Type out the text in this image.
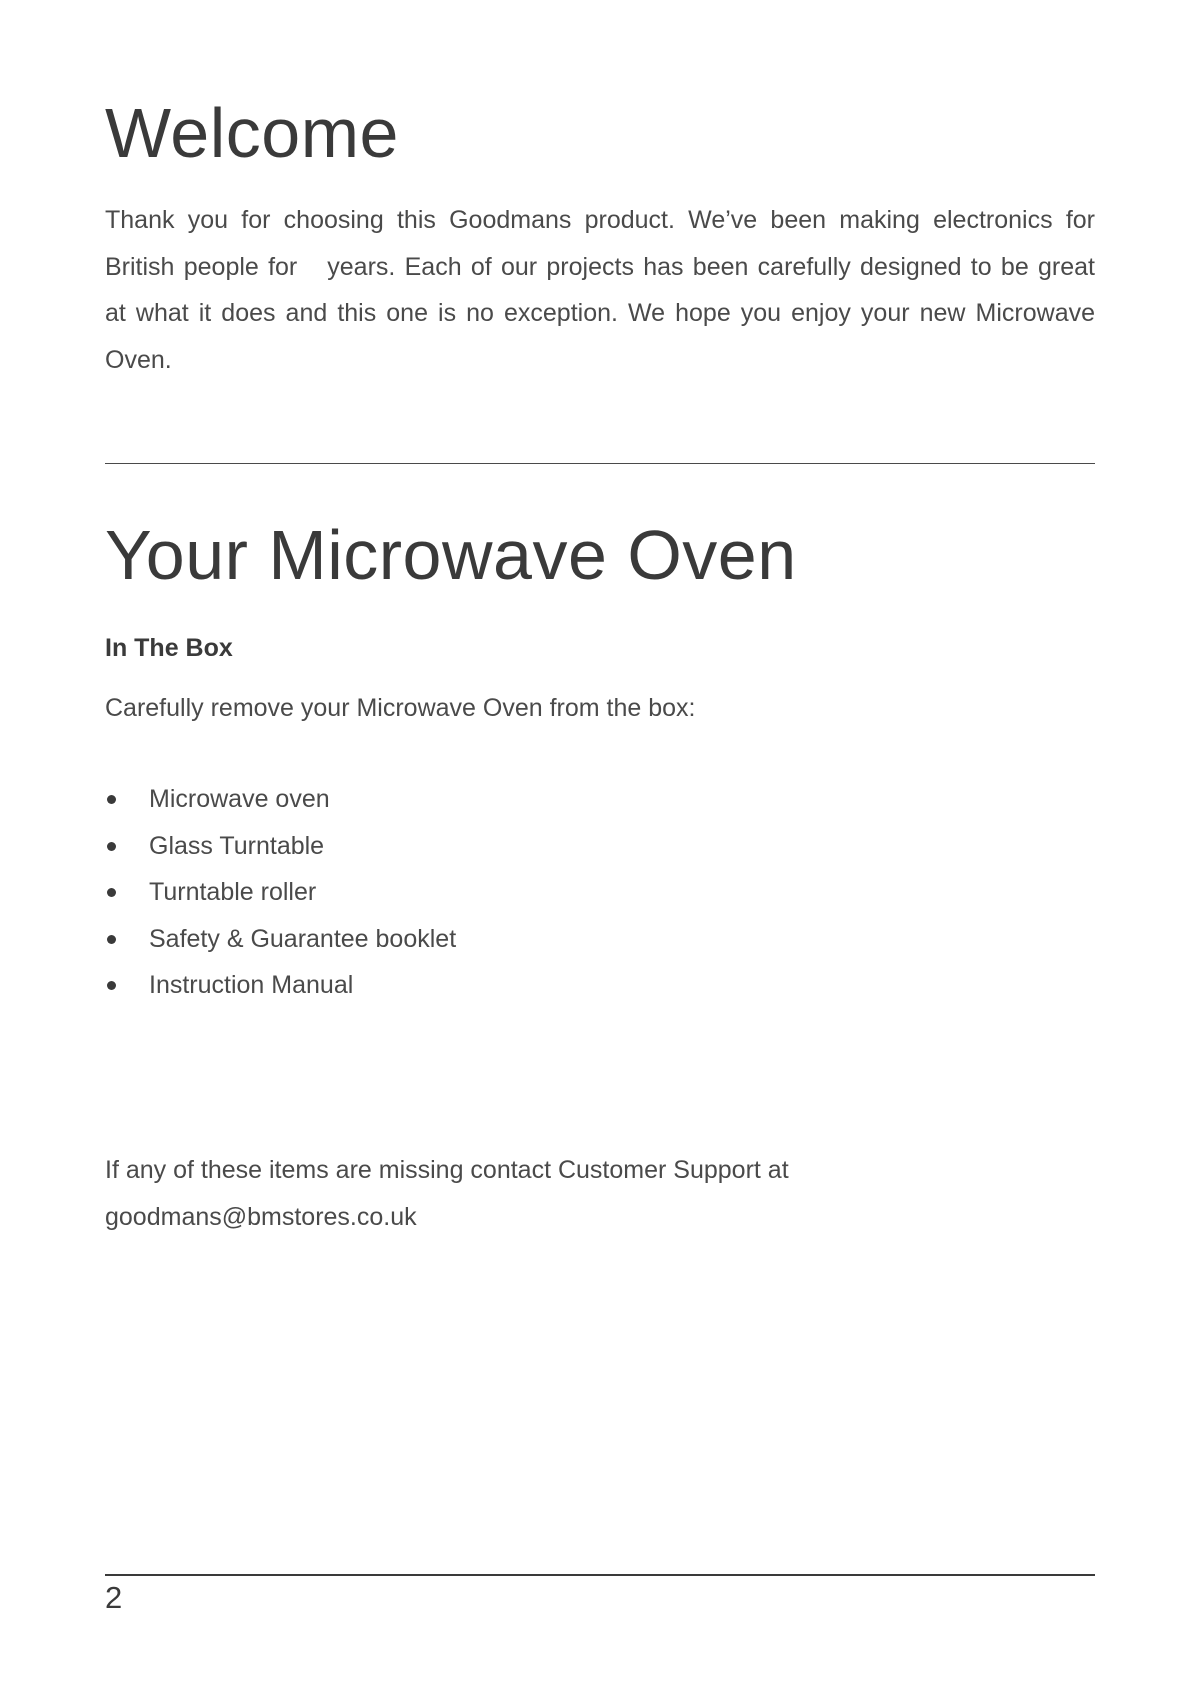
Welcome

Thank you for choosing this Goodmans product. We’ve been making electronics for British people for years. Each of our projects has been carefully designed to be great at what it does and this one is no exception. We hope you enjoy your new Microwave Oven.

Your Microwave Oven
In The Box

Carefully remove your Microwave Oven from the box:

Microwave oven
Glass Turntable
Turntable roller
Safety & Guarantee booklet
Instruction Manual

If any of these items are missing contact Customer Support at
goodmans@bmstores.co.uk

2
